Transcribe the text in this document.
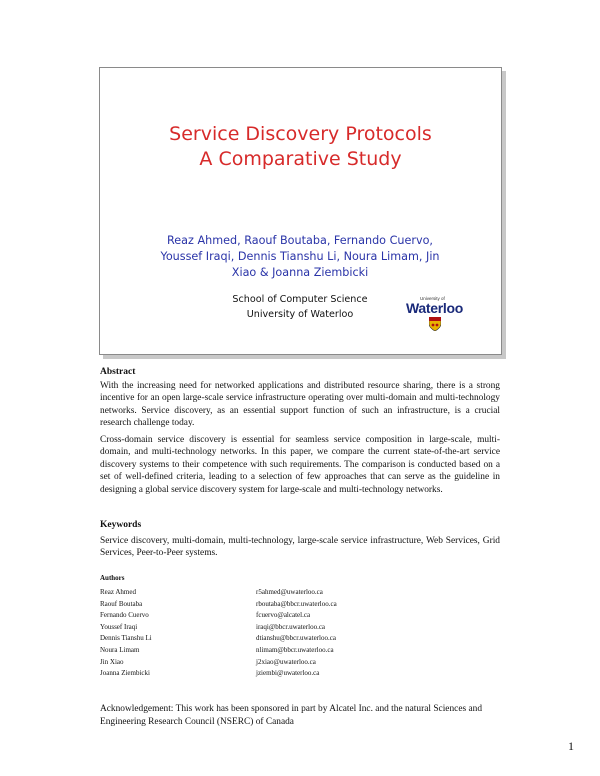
Service Discovery Protocols
A Comparative Study
Reaz Ahmed, Raouf Boutaba, Fernando Cuervo,
Youssef Iraqi, Dennis Tianshu Li, Noura Limam, Jin
Xiao & Joanna Ziembicki
School of Computer Science
University of Waterloo
University of
Waterloo
Abstract

With the increasing need for networked applications and distributed resource sharing, there is a strong incentive for an open large-scale service infrastructure operating over multi-domain and multi-technology networks. Service discovery, as an essential support function of such an infrastructure, is a crucial research challenge today.

Cross-domain service discovery is essential for seamless service composition in large-scale, multi-domain, and multi-technology networks. In this paper, we compare the current state-of-the-art service discovery systems to their competence with such requirements. The comparison is conducted based on a set of well-defined criteria, leading to a selection of few approaches that can serve as the guideline in designing a global service discovery system for large-scale and multi-technology networks.

Keywords

Service discovery, multi-domain, multi-technology, large-scale service infrastructure, Web Services, Grid Services, Peer-to-Peer systems.

Authors
Reaz Ahmed	r5ahmed@uwaterloo.ca
Raouf Boutaba	rboutaba@bbcr.uwaterloo.ca
Fernando Cuervo	fcuervo@alcatel.ca
Youssef Iraqi	iraqi@bbcr.uwaterloo.ca
Dennis Tianshu Li	dtianshu@bbcr.uwaterloo.ca
Noura Limam	nlimam@bbcr.uwaterloo.ca
Jin Xiao	j2xiao@uwaterloo.ca
Joanna Ziembicki	jziembi@uwaterloo.ca

Acknowledgement: This work has been sponsored in part by Alcatel Inc. and the natural Sciences and Engineering Research Council (NSERC) of Canada

1
